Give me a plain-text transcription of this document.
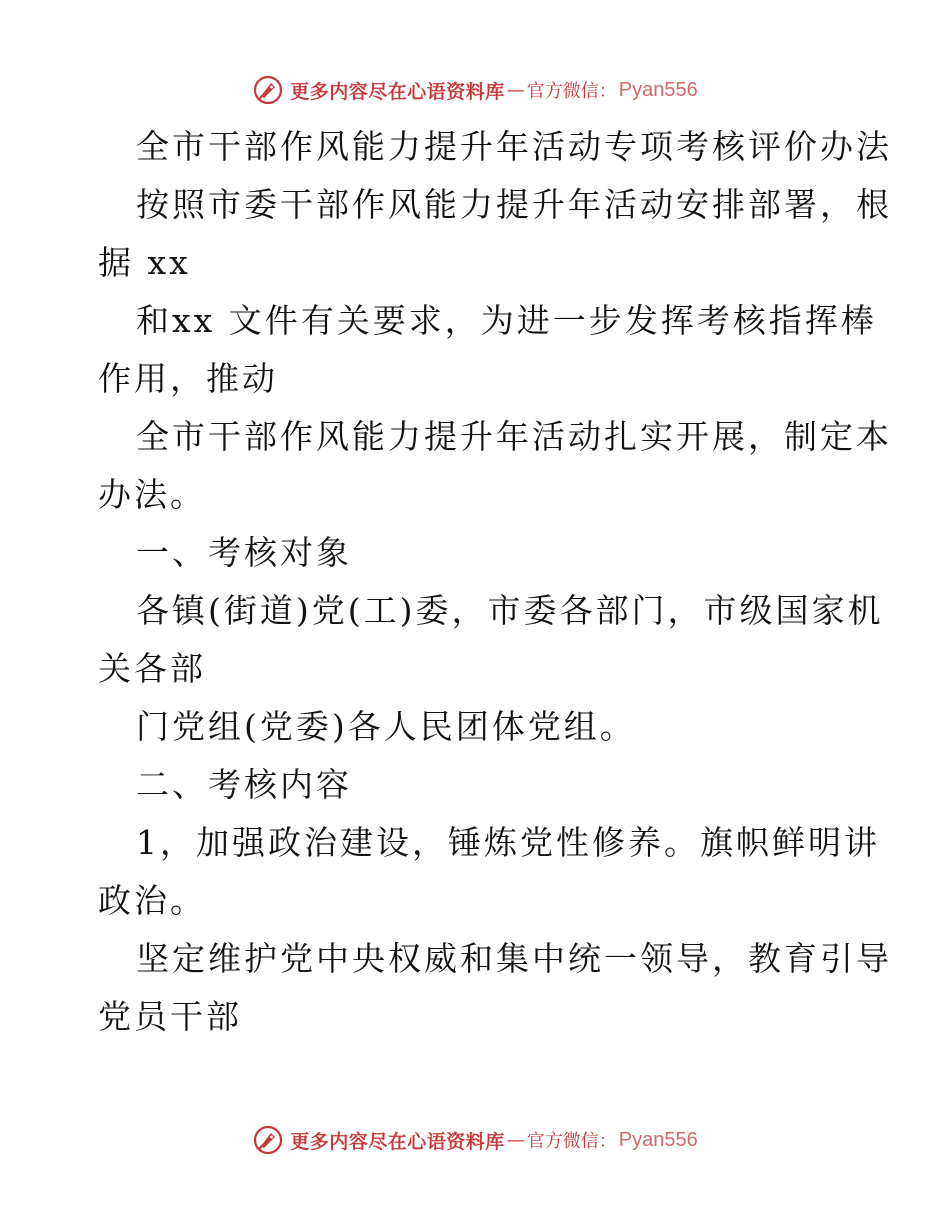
更多内容尽在心语资料库 — 官方微信： Pyan556
全市干部作风能力提升年活动专项考核评价办法
按照市委干部作风能力提升年活动安排部署，根
据 xx
和xx 文件有关要求，为进一步发挥考核指挥棒
作用，推动
全市干部作风能力提升年活动扎实开展，制定本
办法。
一、考核对象
各镇(街道)党(工)委，市委各部门，市级国家机
关各部
门党组(党委)各人民团体党组。
二、考核内容
1，加强政治建设，锤炼党性修养。旗帜鲜明讲
政治。
坚定维护党中央权威和集中统一领导，教育引导
党员干部
更多内容尽在心语资料库 — 官方微信： Pyan556
